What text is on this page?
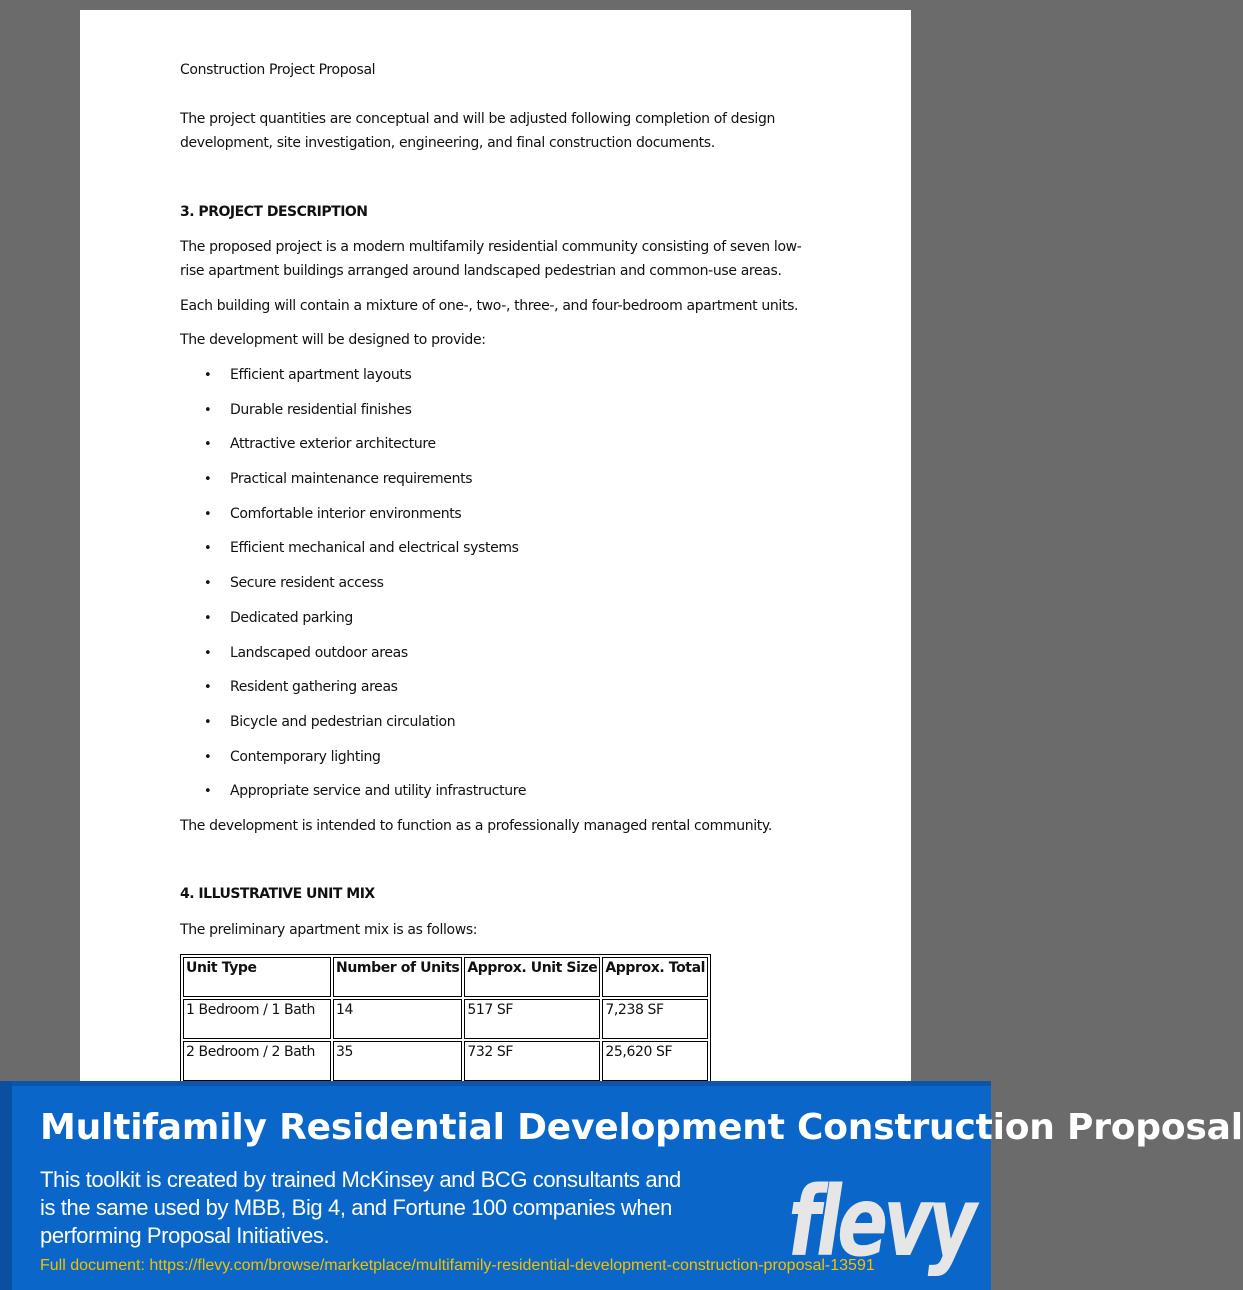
Construction Project Proposal

The project quantities are conceptual and will be adjusted following completion of design development, site investigation, engineering, and final construction documents.

3. PROJECT DESCRIPTION

The proposed project is a modern multifamily residential community consisting of seven low-rise apartment buildings arranged around landscaped pedestrian and common-use areas.

Each building will contain a mixture of one-, two-, three-, and four-bedroom apartment units.

The development will be designed to provide:

• Efficient apartment layouts
• Durable residential finishes
• Attractive exterior architecture
• Practical maintenance requirements
• Comfortable interior environments
• Efficient mechanical and electrical systems
• Secure resident access
• Dedicated parking
• Landscaped outdoor areas
• Resident gathering areas
• Bicycle and pedestrian circulation
• Contemporary lighting
• Appropriate service and utility infrastructure

The development is intended to function as a professionally managed rental community.

4. ILLUSTRATIVE UNIT MIX

The preliminary apartment mix is as follows:

Unit Type	Number of Units	Approx. Unit Size	Approx. Total
1 Bedroom / 1 Bath	14	517 SF	7,238 SF
2 Bedroom / 2 Bath	35	732 SF	25,620 SF

Multifamily Residential Development Construction Proposal

This toolkit is created by trained McKinsey and BCG consultants and is the same used by MBB, Big 4, and Fortune 100 companies when performing Proposal Initiatives.

Full document: https://flevy.com/browse/marketplace/multifamily-residential-development-construction-proposal-13591

flevy
